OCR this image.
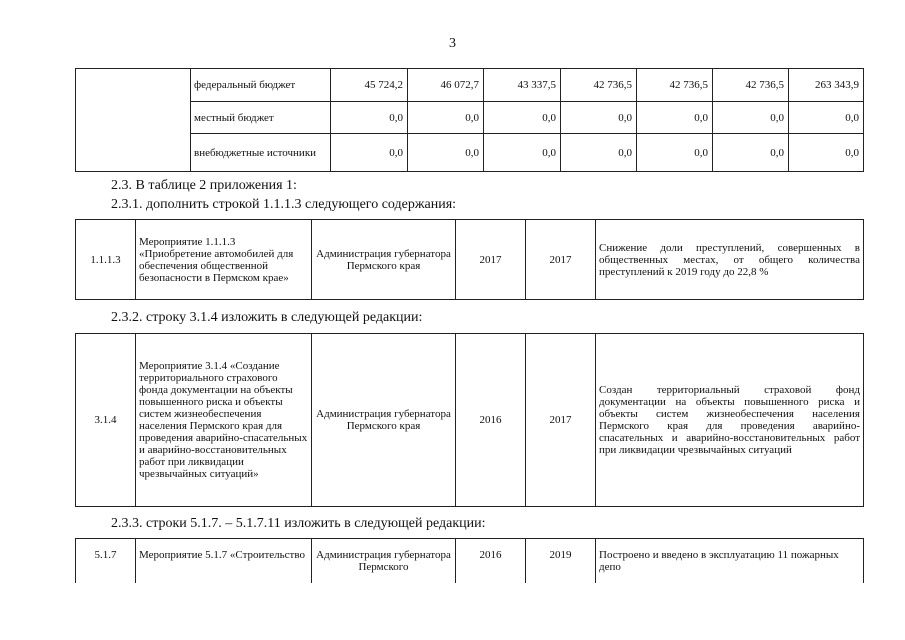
3
	федеральный бюджет	45 724,2	46 072,7	43 337,5	42 736,5	42 736,5	42 736,5	263 343,9
	местный бюджет	0,0	0,0	0,0	0,0	0,0	0,0	0,0
	внебюджетные источники	0,0	0,0	0,0	0,0	0,0	0,0	0,0
2.3. В таблице 2 приложения 1:
2.3.1. дополнить строкой 1.1.1.3 следующего содержания:
1.1.1.3	Мероприятие 1.1.1.3 «Приобретение автомобилей для обеспечения общественной безопасности в Пермском крае»	Администрация губернатора Пермского края	2017	2017	Снижение доли преступлений, совершенных в общественных местах, от общего количества преступлений к 2019 году до 22,8 %
2.3.2. строку 3.1.4 изложить в следующей редакции:
3.1.4	Мероприятие 3.1.4 «Создание территориального страхового фонда документации на объекты повышенного риска и объекты систем жизнеобеспечения населения Пермского края для проведения аварийно-спасательных и аварийно-восстановительных работ при ликвидации чрезвычайных ситуаций»	Администрация губернатора Пермского края	2016	2017	Создан территориальный страховой фонд документации на объекты повышенного риска и объекты систем жизнеобеспечения населения Пермского края для проведения аварийно-спасательных и аварийно-восстановительных работ при ликвидации чрезвычайных ситуаций
2.3.3. строки 5.1.7. – 5.1.7.11 изложить в следующей редакции:
5.1.7	Мероприятие 5.1.7 «Строительство	Администрация губернатора Пермского	2016	2019	Построено и введено в эксплуатацию 11 пожарных депо
